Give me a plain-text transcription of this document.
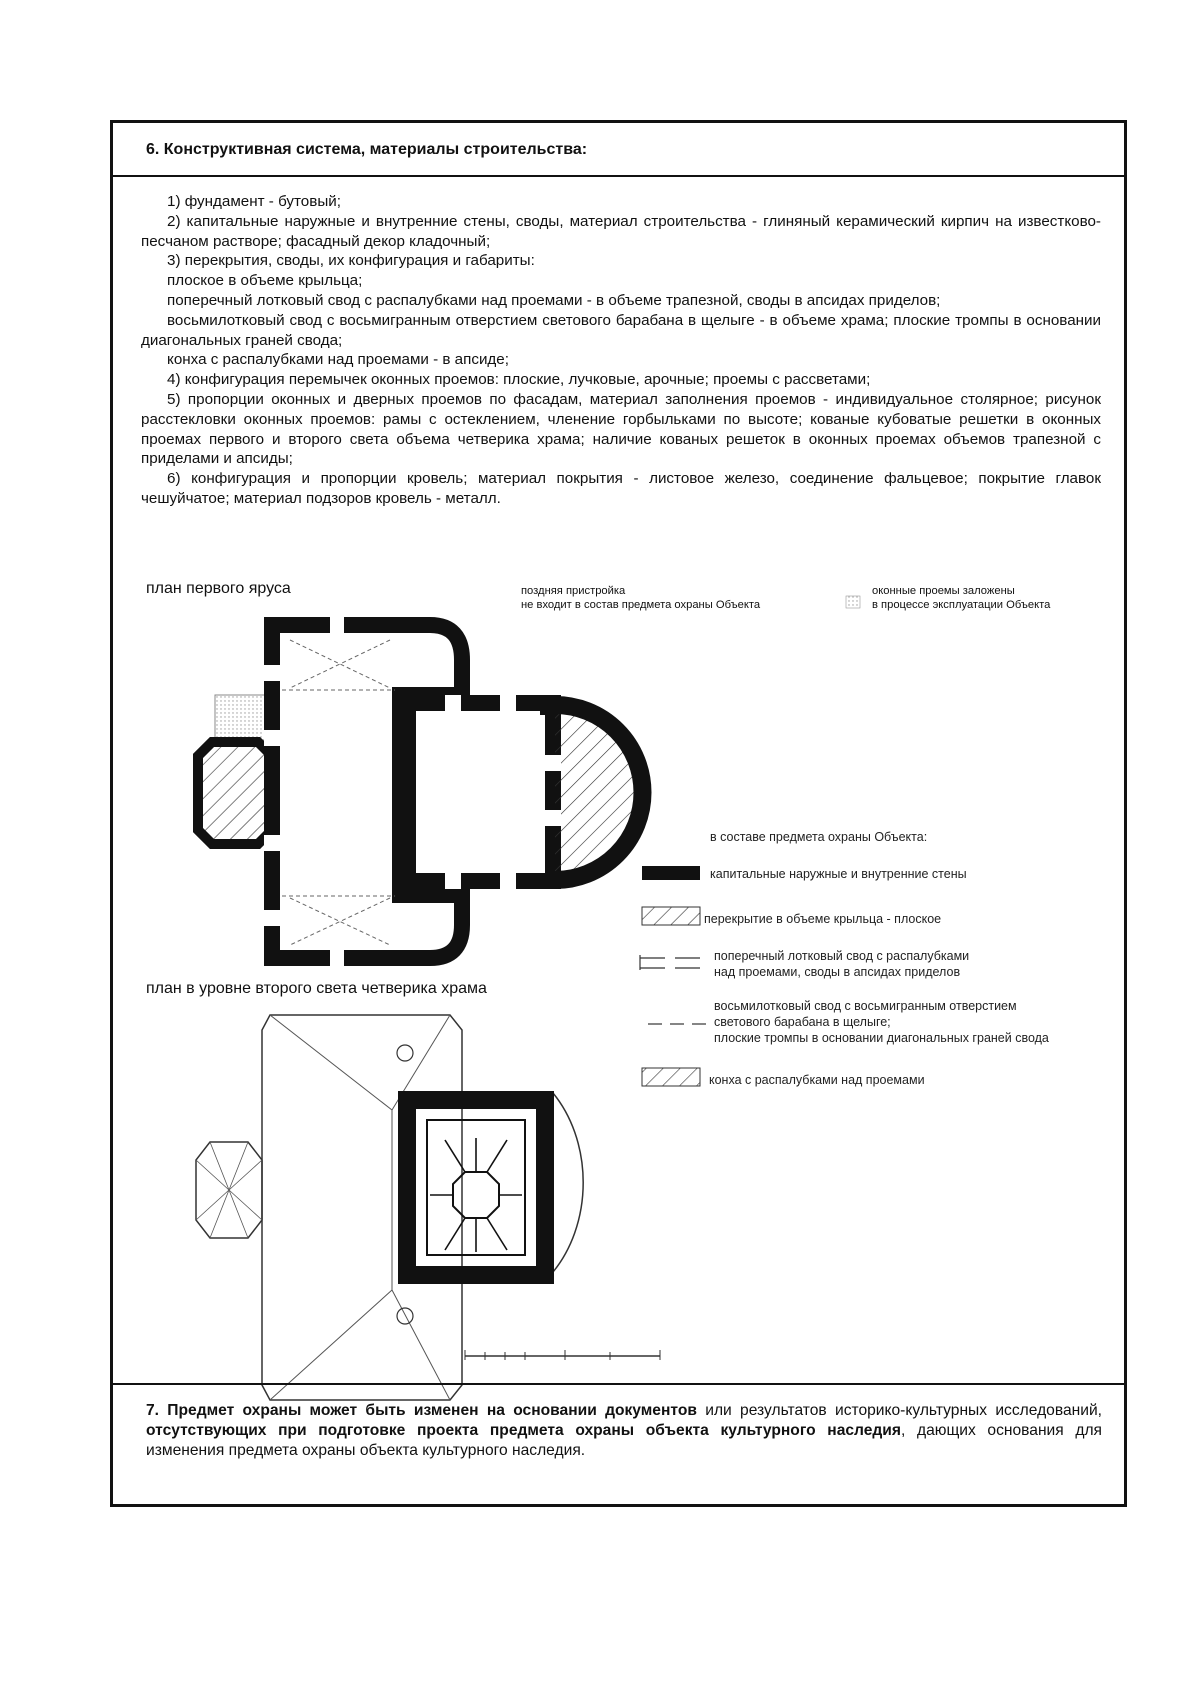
6. Конструктивная система, материалы строительства:

1) фундамент - бутовый;

2) капитальные наружные и внутренние стены, своды, материал строительства - глиняный керамический кирпич на известково-песчаном растворе; фасадный декор кладочный;

3) перекрытия, своды, их конфигурация и габариты:

плоское в объеме крыльца;

поперечный лотковый свод с распалубками над проемами - в объеме трапезной, своды в апсидах приделов;

восьмилотковый свод с восьмигранным отверстием светового барабана в щелыге - в объеме храма; плоские тромпы в основании диагональных граней свода;

конха с распалубками над проемами - в апсиде;

4) конфигурация перемычек оконных проемов: плоские, лучковые, арочные; проемы с рассветами;

5) пропорции оконных и дверных проемов по фасадам, материал заполнения проемов - индивидуальное столярное; рисунок расстекловки оконных проемов: рамы с остеклением, членение горбыльками по высоте; кованые кубоватые решетки в оконных проемах первого и второго света объема четверика храма; наличие кованых решеток в оконных проемах объемов трапезной с приделами и апсиды;

6) конфигурация и пропорции кровель; материал покрытия - листовое железо, соединение фальцевое; покрытие главок чешуйчатое; материал подзоров кровель - металл.

план первого яруса
план в уровне второго света четверика храма
поздняя пристройка
не входит в состав предмета охраны Объекта
оконные проемы заложены
в процессе эксплуатации Объекта
в составе предмета охраны Объекта:
капитальные наружные и внутренние стены
перекрытие в объеме крыльца - плоское
поперечный лотковый свод с распалубками
над проемами, своды в апсидах приделов
восьмилотковый свод с восьмигранным отверстием
светового барабана в щелыге;
плоские тромпы в основании диагональных граней свода
конха с распалубками над проемами
7. Предмет охраны может быть изменен на основании документов или результатов историко-культурных исследований, отсутствующих при подготовке проекта предмета охраны объекта культурного наследия, дающих основания для изменения предмета охраны объекта культурного наследия.
